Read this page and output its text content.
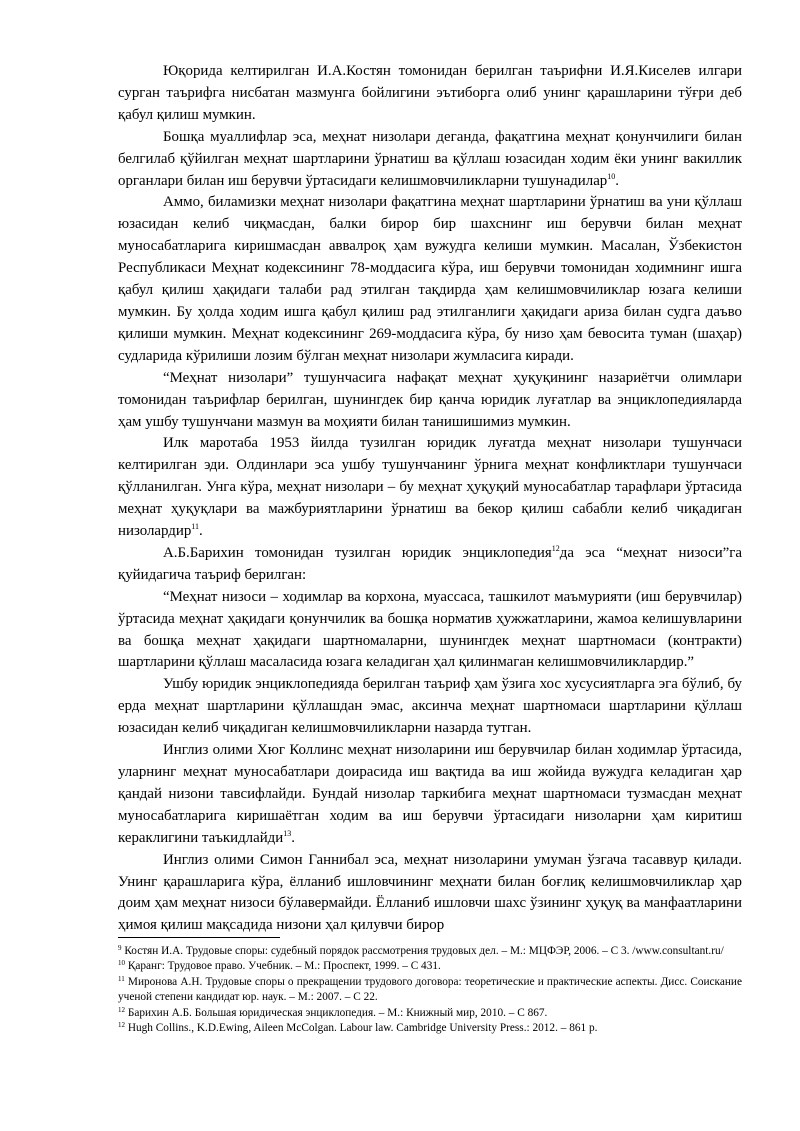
Юқорида келтирилган И.А.Костян томонидан берилган таърифни И.Я.Киселев илгари сурган таърифга нисбатан мазмунга бойлигини эътиборга олиб унинг қарашларини тўғри деб қабул қилиш мумкин.

Бошқа муаллифлар эса, меҳнат низолари деганда, фақатгина меҳнат қонунчилиги билан белгилаб қўйилган меҳнат шартларини ўрнатиш ва қўллаш юзасидан ходим ёки унинг вакиллик органлари билан иш берувчи ўртасидаги келишмовчиликларни тушунадилар$^{10}$.

Аммо, биламизки меҳнат низолари фақатгина меҳнат шартларини ўрнатиш ва уни қўллаш юзасидан келиб чиқмасдан, балки бирор бир шахснинг иш берувчи билан меҳнат муносабатларига киришмасдан аввалроқ ҳам вужудга келиши мумкин. Масалан, Ўзбекистон Республикаси Меҳнат кодексининг 78-моддасига кўра, иш берувчи томонидан ходимнинг ишга қабул қилиш ҳақидаги талаби рад этилган тақдирда ҳам келишмовчиликлар юзага келиши мумкин. Бу ҳолда ходим ишга қабул қилиш рад этилганлиги ҳақидаги ариза билан судга даъво қилиши мумкин. Меҳнат кодексининг 269-моддасига кўра, бу низо ҳам бевосита туман (шаҳар) судларида кўрилиши лозим бўлган меҳнат низолари жумласига киради.

“Меҳнат низолари” тушунчасига нафақат меҳнат ҳуқуқининг назариётчи олимлари томонидан таърифлар берилган, шунингдек бир қанча юридик луғатлар ва энциклопедияларда ҳам ушбу тушунчани мазмун ва моҳияти билан танишишимиз мумкин.

Илк маротаба 1953 йилда тузилган юридик луғатда меҳнат низолари тушунчаси келтирилган эди. Олдинлари эса ушбу тушунчанинг ўрнига меҳнат конфликтлари тушунчаси қўлланилган. Унга кўра, меҳнат низолари – бу меҳнат ҳуқуқий муносабатлар тарафлари ўртасида меҳнат ҳуқуқлари ва мажбуриятларини ўрнатиш ва бекор қилиш сабабли келиб чиқадиган низолардир$^{11}$.

А.Б.Барихин томонидан тузилган юридик энциклопедия$^{12}$да эса “меҳнат низоси”га қуйидагича таъриф берилган:

“Меҳнат низоси – ходимлар ва корхона, муассаса, ташкилот маъмурияти (иш берувчилар) ўртасида меҳнат ҳақидаги қонунчилик ва бошқа норматив ҳужжатларини, жамоа келишувларини ва бошқа меҳнат ҳақидаги шартномаларни, шунингдек меҳнат шартномаси (контракти) шартларини қўллаш масаласида юзага келадиган ҳал қилинмаган келишмовчиликлардир.”

Ушбу юридик энциклопедияда берилган таъриф ҳам ўзига хос хусусиятларга эга бўлиб, бу ерда меҳнат шартларини қўллашдан эмас, аксинча меҳнат шартномаси шартларини қўллаш юзасидан келиб чиқадиган келишмовчиликларни назарда тутган.

Инглиз олими Хюг Коллинс меҳнат низоларини иш берувчилар билан ходимлар ўртасида, уларнинг меҳнат муносабатлари доирасида иш вақтида ва иш жойида вужудга келадиган ҳар қандай низони тавсифлайди. Бундай низолар таркибига меҳнат шартномаси тузмасдан меҳнат муносабатларига киришаётган ходим ва иш берувчи ўртасидаги низоларни ҳам киритиш кераклигини таъкидлайди$^{13}$.

Инглиз олими Симон Ганнибал эса, меҳнат низоларини умуман ўзгача тасаввур қилади. Унинг қарашларига кўра, ёлланиб ишловчининг меҳнати билан боғлиқ келишмовчиликлар ҳар доим ҳам меҳнат низоси бўлавермайди. Ёлланиб ишловчи шахс ўзининг ҳуқуқ ва манфаатларини ҳимоя қилиш мақсадида низони ҳал қилувчи бирор

$^9$ Костян И.А. Трудовые споры: судебный порядок рассмотрения трудовых дел. – М.: МЦФЭР, 2006. – С 3. /www.consultant.ru/

$^{10}$ Қаранг: Трудовое право. Учебник. – М.: Проспект, 1999. – С 431.

$^{11}$ Миронова А.Н. Трудовые споры о прекращении трудового договора: теоретические и практические аспекты. Дисс. Соискание ученой степени кандидат юр. наук. – М.: 2007. – С 22.

$^{12}$ Барихин А.Б. Большая юридическая энциклопедия. – М.: Книжный мир, 2010. – С 867.

$^{12}$ Hugh Collins., K.D.Ewing, Aileen McColgan. Labour law. Cambridge University Press.: 2012. – 861 p.
